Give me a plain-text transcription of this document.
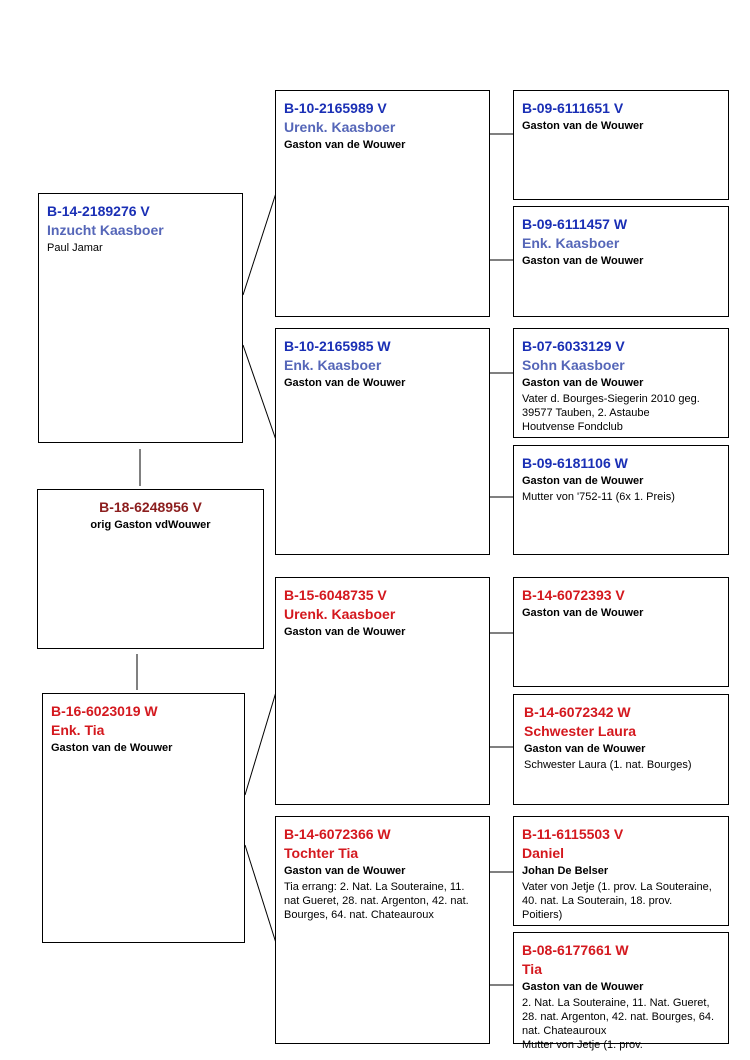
B-14-2189276 V
Inzucht Kaasboer
Paul Jamar
B-18-6248956 V
orig Gaston vdWouwer
B-16-6023019 W
Enk. Tia
Gaston van de Wouwer
B-10-2165989 V
Urenk. Kaasboer
Gaston van de Wouwer
B-10-2165985 W
Enk. Kaasboer
Gaston van de Wouwer
B-15-6048735 V
Urenk. Kaasboer
Gaston van de Wouwer
B-14-6072366 W
Tochter Tia
Gaston van de Wouwer
Tia errang: 2. Nat. La Souteraine, 11. nat Gueret, 28. nat. Argenton, 42. nat. Bourges, 64. nat. Chateauroux
B-09-6111651 V
Gaston van de Wouwer
B-09-6111457 W
Enk. Kaasboer
Gaston van de Wouwer
B-07-6033129 V
Sohn Kaasboer
Gaston van de Wouwer
Vater d. Bourges-Siegerin 2010 geg. 39577 Tauben, 2. Astaube Houtvense Fondclub
B-09-6181106 W
Gaston van de Wouwer
Mutter von '752-11 (6x 1. Preis)
B-14-6072393 V
Gaston van de Wouwer
B-14-6072342 W
Schwester Laura
Gaston van de Wouwer
Schwester Laura (1. nat. Bourges)
B-11-6115503 V
Daniel
Johan De Belser
Vater von Jetje (1. prov. La Souteraine, 40. nat. La Souterain, 18. prov. Poitiers)
B-08-6177661 W
Tia
Gaston van de Wouwer
2. Nat. La Souteraine, 11. Nat. Gueret, 28. nat. Argenton, 42. nat. Bourges, 64. nat. Chateauroux
Mutter von Jetje (1. prov.
